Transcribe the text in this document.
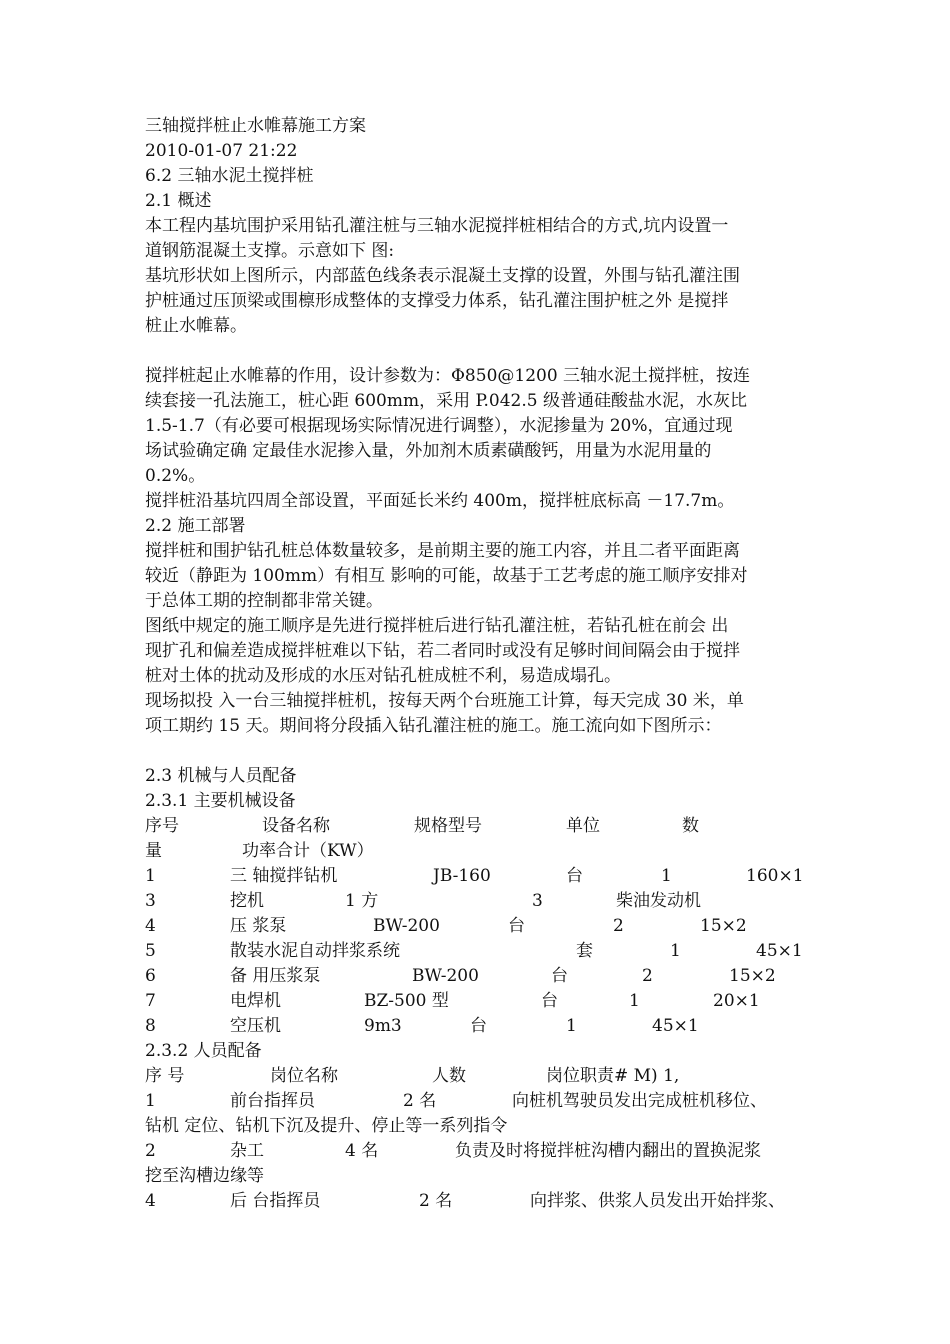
三轴搅拌桩止水帷幕施工方案
2010-01-07 21:22
6.2 三轴水泥土搅拌桩
2.1 概述
本工程内基坑围护采用钻孔灌注桩与三轴水泥搅拌桩相结合的方式,坑内设置一
道钢筋混凝土支撑。示意如下 图:
基坑形状如上图所示，内部蓝色线条表示混凝土支撑的设置，外围与钻孔灌注围
护桩通过压顶梁或围檩形成整体的支撑受力体系，钻孔灌注围护桩之外 是搅拌
桩止水帷幕。
搅拌桩起止水帷幕的作用，设计参数为：Φ850@1200 三轴水泥土搅拌桩，按连
续套接一孔法施工，桩心距 600mm，采用 P.042.5 级普通硅酸盐水泥，水灰比
1.5-1.7（有必要可根据现场实际情况进行调整），水泥掺量为 20%，宜通过现
场试验确定确 定最佳水泥掺入量，外加剂木质素磺酸钙，用量为水泥用量的
0.2%。
搅拌桩沿基坑四周全部设置，平面延长米约 400m，搅拌桩底标高 －17.7m。
2.2 施工部署
搅拌桩和围护钻孔桩总体数量较多，是前期主要的施工内容，并且二者平面距离
较近（静距为 100mm）有相互 影响的可能，故基于工艺考虑的施工顺序安排对
于总体工期的控制都非常关键。
图纸中规定的施工顺序是先进行搅拌桩后进行钻孔灌注桩，若钻孔桩在前会 出
现扩孔和偏差造成搅拌桩难以下钻，若二者同时或没有足够时间间隔会由于搅拌
桩对土体的扰动及形成的水压对钻孔桩成桩不利，易造成塌孔。
现场拟投 入一台三轴搅拌桩机，按每天两个台班施工计算，每天完成 30 米，单
项工期约 15 天。期间将分段插入钻孔灌注桩的施工。施工流向如下图所示：
2.3 机械与人员配备
2.3.1 主要机械设备
序号	设备名称	规格型号	单位	数
量	功率合计（KW）
1	三 轴搅拌钻机	JB-160	台	1	160×1
3	挖机	1 方	3	柴油发动机
4	压 浆泵	BW-200	台	2	15×2
5	散装水泥自动拌浆系统	套	1	45×1
6	备 用压浆泵	BW-200	台	2	15×2
7	电焊机	BZ-500 型	台	1	20×1
8	空压机	9m3	台	1	45×1
2.3.2 人员配备
序 号	岗位名称	人数	岗位职责# M) 1,
1	前台指挥员	2 名	向桩机驾驶员发出完成桩机移位、
钻机 定位、钻机下沉及提升、停止等一系列指令
2	杂工	4 名	负责及时将搅拌桩沟槽内翻出的置换泥浆
挖至沟槽边缘等
4	后 台指挥员	2 名	向拌浆、供浆人员发出开始拌浆、
